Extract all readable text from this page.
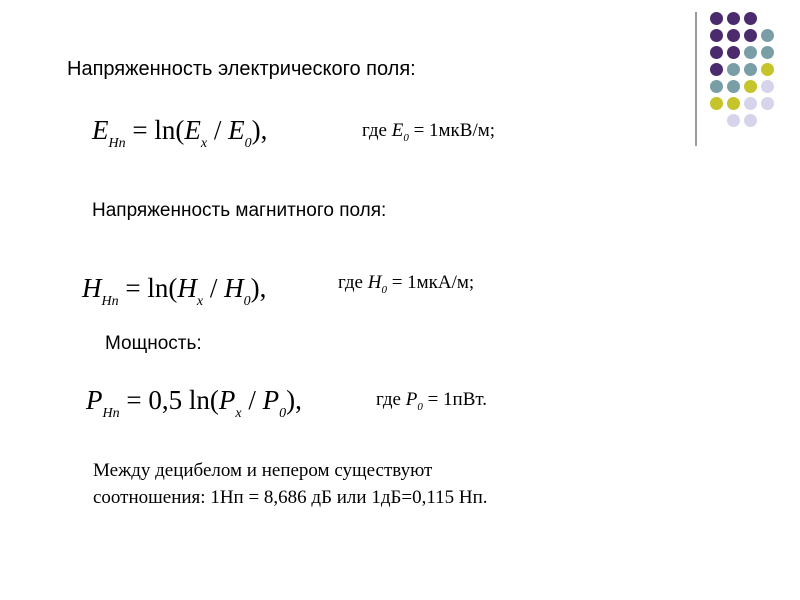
Напряженность электрического поля:
$E_{Нп} = \ln(E_x / E_0)$,	где $E_0 = 1мкВ/м$;
Напряженность магнитного поля:
$H_{Нп} = \ln(H_x / H_0)$,	где $H_0 = 1мкА/м$;
Мощность:
$P_{Нп} = 0,5$ $\ln(P_x / P_0)$,	где $P_0 = 1пВт$.
Между децибелом и непером существуют
соотношения: 1Нп = 8,686 дБ или 1дБ=0,115 Нп.
